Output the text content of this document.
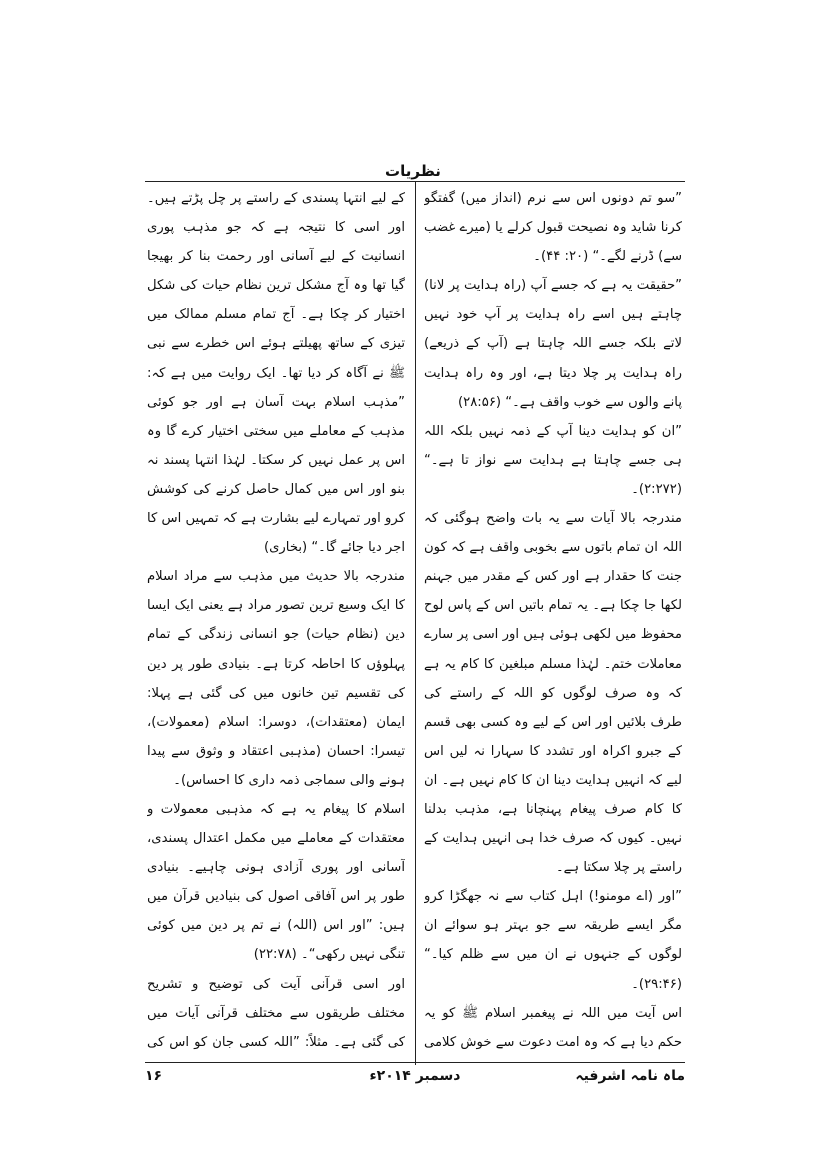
نظریات

”سو تم دونوں اس سے نرم (انداز میں) گفتگو کرنا شاید وہ نصیحت قبول کرلے یا (میرے غضب سے) ڈرنے لگے۔“ (۲۰: ۴۴)۔

”حقیقت یہ ہے کہ جسے آپ (راہ ہدایت پر لانا) چاہتے ہیں اسے راہ ہدایت پر آپ خود نہیں لاتے بلکہ جسے اللہ چاہتا ہے (آپ کے ذریعے) راہ ہدایت پر چلا دیتا ہے، اور وہ راہ ہدایت پانے والوں سے خوب واقف ہے۔“ (۲۸:۵۶)

”ان کو ہدایت دینا آپ کے ذمہ نہیں بلکہ اللہ ہی جسے چاہتا ہے ہدایت سے نواز تا ہے۔“ (۲:۲۷۲)۔

مندرجہ بالا آیات سے یہ بات واضح ہوگئی کہ اللہ ان تمام باتوں سے بخوبی واقف ہے کہ کون جنت کا حقدار ہے اور کس کے مقدر میں جہنم لکھا جا چکا ہے۔ یہ تمام باتیں اس کے پاس لوح محفوظ میں لکھی ہوئی ہیں اور اسی پر سارے معاملات ختم۔ لہٰذا مسلم مبلغین کا کام یہ ہے کہ وہ صرف لوگوں کو اللہ کے راستے کی طرف بلائیں اور اس کے لیے وہ کسی بھی قسم کے جبرو اکراہ اور تشدد کا سہارا نہ لیں اس لیے کہ انہیں ہدایت دینا ان کا کام نہیں ہے۔ ان کا کام صرف پیغام پہنچانا ہے، مذہب بدلنا نہیں۔ کیوں کہ صرف خدا ہی انہیں ہدایت کے راستے پر چلا سکتا ہے۔

”اور (اے مومنو!) اہل کتاب سے نہ جھگڑا کرو مگر ایسے طریقہ سے جو بہتر ہو سوائے ان لوگوں کے جنہوں نے ان میں سے ظلم کیا۔“ (۲۹:۴۶)۔

اس آیت میں اللہ نے پیغمبر اسلام ﷺ کو یہ حکم دیا ہے کہ وہ امت دعوت سے خوش کلامی

کے لیے انتہا پسندی کے راستے پر چل پڑتے ہیں۔ اور اسی کا نتیجہ ہے کہ جو مذہب پوری انسانیت کے لیے آسانی اور رحمت بنا کر بھیجا گیا تھا وہ آج مشکل ترین نظام حیات کی شکل اختیار کر چکا ہے۔ آج تمام مسلم ممالک میں تیزی کے ساتھ پھیلتے ہوئے اس خطرے سے نبی ﷺ نے آگاہ کر دیا تھا۔ ایک روایت میں ہے کہ: ”مذہب اسلام بہت آسان ہے اور جو کوئی مذہب کے معاملے میں سختی اختیار کرے گا وہ اس پر عمل نہیں کر سکتا۔ لہٰذا انتہا پسند نہ بنو اور اس میں کمال حاصل کرنے کی کوشش کرو اور تمہارے لیے بشارت ہے کہ تمہیں اس کا اجر دیا جائے گا۔“ (بخاری)

مندرجہ بالا حدیث میں مذہب سے مراد اسلام کا ایک وسیع ترین تصور مراد ہے یعنی ایک ایسا دین (نظام حیات) جو انسانی زندگی کے تمام پہلوؤں کا احاطہ کرتا ہے۔ بنیادی طور پر دین کی تقسیم تین خانوں میں کی گئی ہے پہلا: ایمان (معتقدات)، دوسرا: اسلام (معمولات)، تیسرا: احسان (مذہبی اعتقاد و وثوق سے پیدا ہونے والی سماجی ذمہ داری کا احساس)۔

اسلام کا پیغام یہ ہے کہ مذہبی معمولات و معتقدات کے معاملے میں مکمل اعتدال پسندی، آسانی اور پوری آزادی ہونی چاہیے۔ بنیادی طور پر اس آفاقی اصول کی بنیادیں قرآن میں ہیں: ”اور اس (اللہ) نے تم پر دین میں کوئی تنگی نہیں رکھی“۔ (۲۲:۷۸)

اور اسی قرآنی آیت کی توضیح و تشریح مختلف طریقوں سے مختلف قرآنی آیات میں کی گئی ہے۔ مثلاً: ”اللہ کسی جان کو اس کی

ماہ نامہ اشرفیہ
دسمبر ۲۰۱۴ء
۱۶
